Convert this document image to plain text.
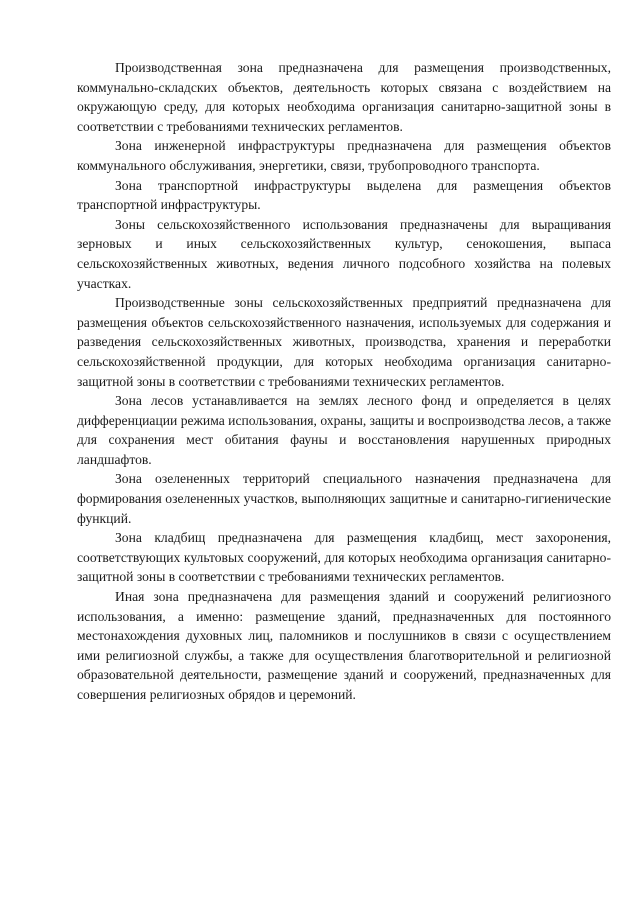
Производственная зона предназначена для размещения производственных, коммунально-складских объектов, деятельность которых связана с воздействием на окружающую среду, для которых необходима организация санитарно-защитной зоны в соответствии с требованиями технических регламентов.

Зона инженерной инфраструктуры предназначена для размещения объектов коммунального обслуживания, энергетики, связи, трубопроводного транспорта.

Зона транспортной инфраструктуры выделена для размещения объектов транспортной инфраструктуры.

Зоны сельскохозяйственного использования предназначены для выращивания зерновых и иных сельскохозяйственных культур, сенокошения, выпаса сельскохозяйственных животных, ведения личного подсобного хозяйства на полевых участках.

Производственные зоны сельскохозяйственных предприятий предназначена для размещения объектов сельскохозяйственного назначения, используемых для содержания и разведения сельскохозяйственных животных, производства, хранения и переработки сельскохозяйственной продукции, для которых необходима организация санитарно-защитной зоны в соответствии с требованиями технических регламентов.

Зона лесов устанавливается на землях лесного фонд и определяется в целях дифференциации режима использования, охраны, защиты и воспроизводства лесов, а также для сохранения мест обитания фауны и восстановления нарушенных природных ландшафтов.

Зона озелененных территорий специального назначения предназначена для формирования озелененных участков, выполняющих защитные и санитарно-гигиенические функций.

Зона кладбищ предназначена для размещения кладбищ, мест захоронения, соответствующих культовых сооружений, для которых необходима организация санитарно-защитной зоны в соответствии с требованиями технических регламентов.

Иная зона предназначена для размещения зданий и сооружений религиозного использования, а именно: размещение зданий, предназначенных для постоянного местонахождения духовных лиц, паломников и послушников в связи с осуществлением ими религиозной службы, а также для осуществления благотворительной и религиозной образовательной деятельности, размещение зданий и сооружений, предназначенных для совершения религиозных обрядов и церемоний.
